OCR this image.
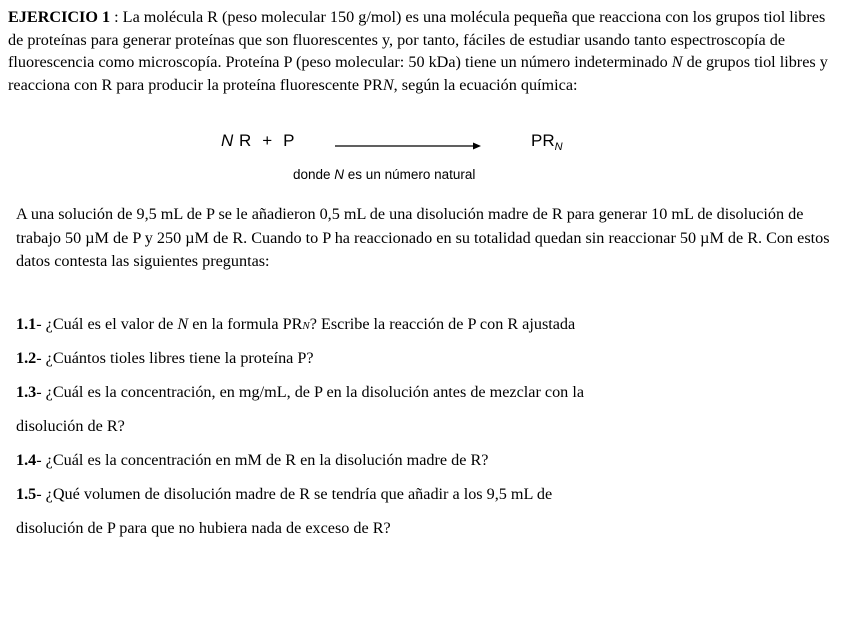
EJERCICIO 1 : La molécula R (peso molecular 150 g/mol) es una molécula pequeña que reacciona con los grupos tiol libres de proteínas para generar proteínas que son fluorescentes y, por tanto, fáciles de estudiar usando tanto espectroscopía de fluorescencia como microscopía. Proteína P (peso molecular: 50 kDa) tiene un número indeterminado N de grupos tiol libres y reacciona con R para producir la proteína fluorescente PRN, según la ecuación química:
N R  +  P	$PR_N$
donde N es un número natural
A una solución de 9,5 mL de P se le añadieron 0,5 mL de una disolución madre de R para generar 10 mL de disolución de trabajo 50 µM de P y 250 µM de R. Cuando to P ha reaccionado en su totalidad quedan sin reaccionar 50 µM de R. Con estos datos contesta las siguientes preguntas:
1.1- ¿Cuál es el valor de N en la formula PRN? Escribe la reacción de P con R ajustada
1.2- ¿Cuántos tioles libres tiene la proteína P?
1.3- ¿Cuál es la concentración, en mg/mL, de P en la disolución antes de mezclar con la
disolución de R?
1.4- ¿Cuál es la concentración en mM de R en la disolución madre de R?
1.5- ¿Qué volumen de disolución madre de R se tendría que añadir a los 9,5 mL de
disolución de P para que no hubiera nada de exceso de R?
